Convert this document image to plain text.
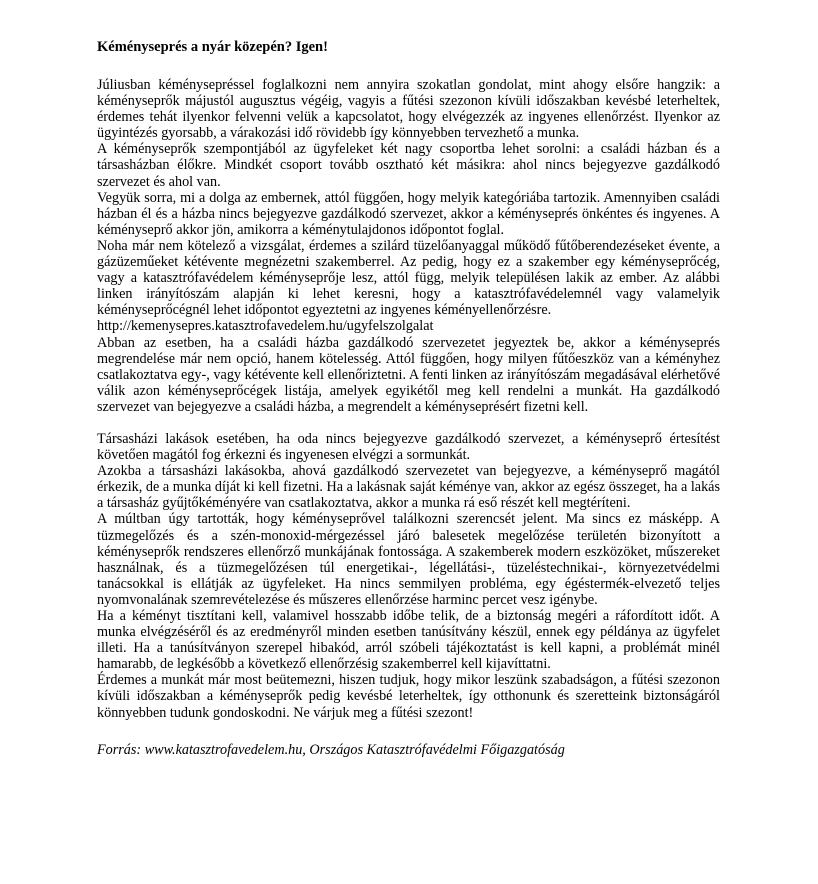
Kéményseprés a nyár közepén? Igen!

Júliusban kéménysepréssel foglalkozni nem annyira szokatlan gondolat, mint ahogy elsőre hangzik: a kéményseprők májustól augusztus végéig, vagyis a fűtési szezonon kívüli időszakban kevésbé leterheltek, érdemes tehát ilyenkor felvenni velük a kapcsolatot, hogy elvégezzék az ingyenes ellenőrzést. Ilyenkor az ügyintézés gyorsabb, a várakozási idő rövidebb így könnyebben tervezhető a munka.

A kéményseprők szempontjából az ügyfeleket két nagy csoportba lehet sorolni: a családi házban és a társasházban élőkre. Mindkét csoport tovább osztható két másikra: ahol nincs bejegyezve gazdálkodó szervezet és ahol van.

Vegyük sorra, mi a dolga az embernek, attól függően, hogy melyik kategóriába tartozik. Amennyiben családi házban él és a házba nincs bejegyezve gazdálkodó szervezet, akkor a kéményseprés önkéntes és ingyenes. A kéményseprő akkor jön, amikorra a kéménytulajdonos időpontot foglal.

Noha már nem kötelező a vizsgálat, érdemes a szilárd tüzelőanyaggal működő fűtőberendezéseket évente, a gázüzeműeket kétévente megnézetni szakemberrel. Az pedig, hogy ez a szakember egy kéményseprőcég, vagy a katasztrófavédelem kéményseprője lesz, attól függ, melyik településen lakik az ember. Az alábbi linken irányítószám alapján ki lehet keresni, hogy a katasztrófavédelemnél vagy valamelyik kéményseprőcégnél lehet időpontot egyeztetni az ingyenes kéményellenőrzésre.

http://kemenysepres.katasztrofavedelem.hu/ugyfelszolgalat

Abban az esetben, ha a családi házba gazdálkodó szervezetet jegyeztek be, akkor a kéményseprés megrendelése már nem opció, hanem kötelesség. Attól függően, hogy milyen fűtőeszköz van a kéményhez csatlakoztatva egy-, vagy kétévente kell ellenőriztetni. A fenti linken az irányítószám megadásával elérhetővé válik azon kéményseprőcégek listája, amelyek egyikétől meg kell rendelni a munkát. Ha gazdálkodó szervezet van bejegyezve a családi házba, a megrendelt a kéményseprésért fizetni kell.

Társasházi lakások esetében, ha oda nincs bejegyezve gazdálkodó szervezet, a kéményseprő értesítést követően magától fog érkezni és ingyenesen elvégzi a sormunkát.

Azokba a társasházi lakásokba, ahová gazdálkodó szervezetet van bejegyezve, a kéményseprő magától érkezik, de a munka díját ki kell fizetni. Ha a lakásnak saját kéménye van, akkor az egész összeget, ha a lakás a társasház gyűjtőkéményére van csatlakoztatva, akkor a munka rá eső részét kell megtéríteni.

A múltban úgy tartották, hogy kéményseprővel találkozni szerencsét jelent. Ma sincs ez másképp. A tüzmegelőzés és a szén-monoxid-mérgezéssel járó balesetek megelőzése területén bizonyított a kéményseprők rendszeres ellenőrző munkájának fontossága. A szakemberek modern eszközöket, műszereket használnak, és a tüzmegelőzésen túl energetikai-, légellátási-, tüzeléstechnikai-, környezetvédelmi tanácsokkal is ellátják az ügyfeleket. Ha nincs semmilyen probléma, egy égéstermék-elvezető teljes nyomvonalának szemrevételezése és műszeres ellenőrzése harminc percet vesz igénybe.

Ha a kéményt tisztítani kell, valamivel hosszabb időbe telik, de a biztonság megéri a ráfordított időt. A munka elvégzéséről és az eredményről minden esetben tanúsítvány készül, ennek egy példánya az ügyfelet illeti. Ha a tanúsítványon szerepel hibakód, arról szóbeli tájékoztatást is kell kapni, a problémát minél hamarabb, de legkésőbb a következő ellenőrzésig szakemberrel kell kijavíttatni.

Érdemes a munkát már most beütemezni, hiszen tudjuk, hogy mikor leszünk szabadságon, a fűtési szezonon kívüli időszakban a kéményseprők pedig kevésbé leterheltek, így otthonunk és szeretteink biztonságáról könnyebben tudunk gondoskodni. Ne várjuk meg a fűtési szezont!

Forrás: www.katasztrofavedelem.hu, Országos Katasztrófavédelmi Főigazgatóság
